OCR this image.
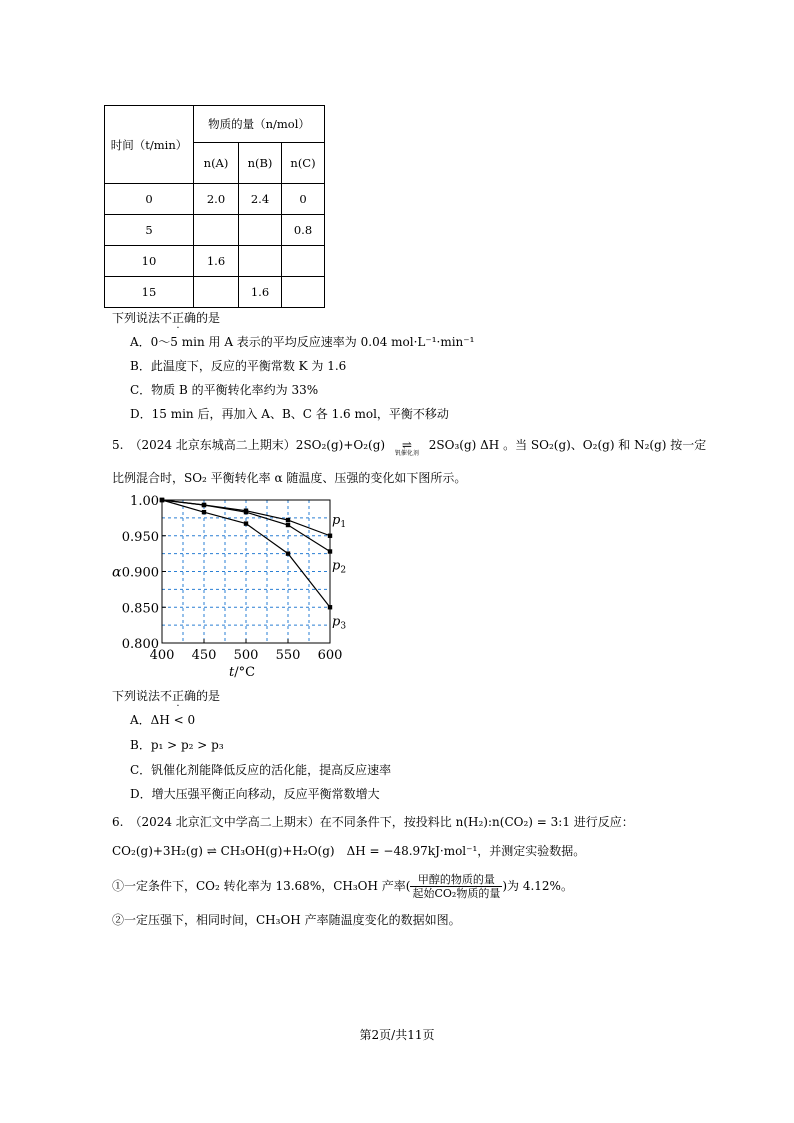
时间（t/min）	物质的量（n/mol）		
	n(A)	n(B)	n(C)
0	2.0	2.4	0
5			0.8
10	1.6		
15		1.6	
下列说法不正确的是
A．0～5 min 用 A 表示的平均反应速率为 0.04 mol·L⁻¹·min⁻¹
B．此温度下，反应的平衡常数 K 为 1.6
C．物质 B 的平衡转化率约为 33%
D．15 min 后，再加入 A、B、C 各 1.6 mol，平衡不移动
5.　（2024 北京东城高二上期末）2SO₂(g)+O₂(g) ⇌
钒催化剂
2SO₃(g) ΔH 。当 SO₂(g)、O₂(g) 和 N₂(g) 按一定
比例混合时，SO₂ 平衡转化率 α 随温度、压强的变化如下图所示。
400 450 500 550 600
0.800
0.850
0.900
0.950
1.00
t/°C
α
$p_1$
$p_2$
$p_3$
下列说法不正确的是
A．ΔH < 0
B．p₁ > p₂ > p₃
C．钒催化剂能降低反应的活化能，提高反应速率
D．增大压强平衡正向移动，反应平衡常数增大
6.　（2024 北京汇文中学高二上期末）在不同条件下，按投料比 n(H₂):n(CO₂) = 3:1 进行反应：
CO₂(g)+3H₂(g) ⇌ CH₃OH(g)+H₂O(g)　ΔH = −48.97kJ·mol⁻¹，并测定实验数据。
①一定条件下，CO₂ 转化率为 13.68%，CH₃OH 产率( $\frac{\text{甲醇的物质的量}}{\text{起始CO₂物质的量}}$ )为 4.12%。
②一定压强下，相同时间，CH₃OH 产率随温度变化的数据如图。
第2页/共11页
